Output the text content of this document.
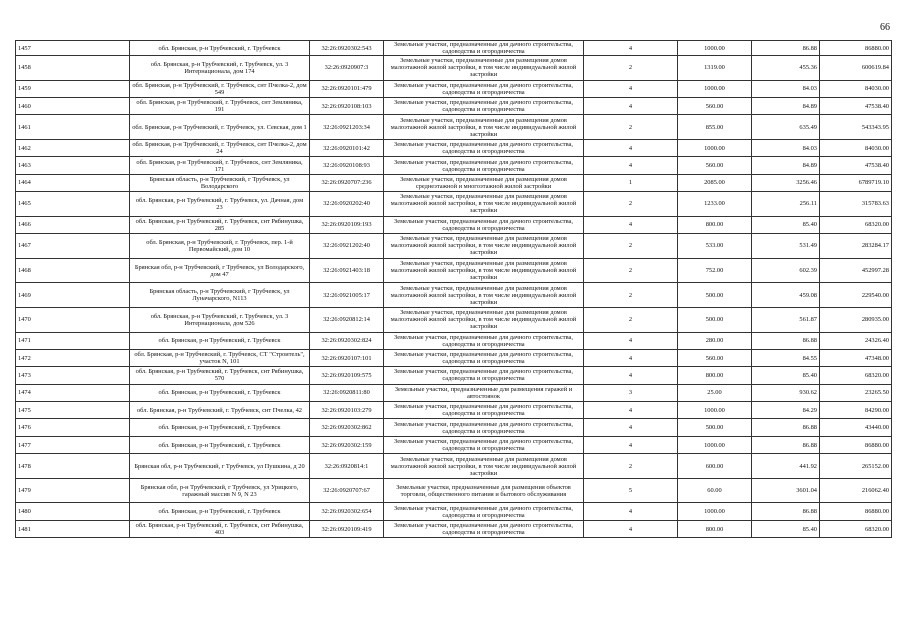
66
1457	обл. Брянская, р-н Трубчевский, г. Трубчевск	32:26:0920302:543	Земельные участки, предназначенные для дачного строительства, садоводства и огородничества	4	1000.00	86.88	86880.00
1458	обл. Брянская, р-н Трубчевский, г. Трубчевск, ул. 3 Интернационала, дом 174	32:26:0920907:3	Земельные участки, предназначенные для размещения домов малоэтажной жилой застройки, в том числе индивидуальной жилой застройки	2	1319.00	455.36	600619.84
1459	обл. Брянская, р-н Трубчевский, г. Трубчевск, снт Пчелка-2, дом 549	32:26:0920101:479	Земельные участки, предназначенные для дачного строительства, садоводства и огородничества	4	1000.00	84.03	84030.00
1460	обл. Брянская, р-н Трубчевский, г. Трубчевск, снт Земляника, 191	32:26:0920108:103	Земельные участки, предназначенные для дачного строительства, садоводства и огородничества	4	560.00	84.89	47538.40
1461	обл. Брянская, р-н Трубчевский, г. Трубчевск, ул. Севская, дом 1	32:26:0921203:34	Земельные участки, предназначенные для размещения домов малоэтажной жилой застройки, в том числе индивидуальной жилой застройки	2	855.00	635.49	543343.95
1462	обл. Брянская, р-н Трубчевский, г. Трубчевск, снт Пчелка-2, дом 24	32:26:0920101:42	Земельные участки, предназначенные для дачного строительства, садоводства и огородничества	4	1000.00	84.03	84030.00
1463	обл. Брянская, р-н Трубчевский, г. Трубчевск, снт Земляника, 171	32:26:0920108:93	Земельные участки, предназначенные для дачного строительства, садоводства и огородничества	4	560.00	84.89	47538.40
1464	Брянская область, р-н Трубчевский, г Трубчевск, ул Володарского	32:26:0920707:236	Земельные участки, предназначенные для размещения домов среднеэтажной и многоэтажной жилой застройки	1	2085.00	3256.46	6789719.10
1465	обл. Брянская, р-н Трубчевский, г. Трубчевск, ул. Дачная, дом 23	32:26:0920202:40	Земельные участки, предназначенные для размещения домов малоэтажной жилой застройки, в том числе индивидуальной жилой застройки	2	1233.00	256.11	315783.63
1466	обл. Брянская, р-н Трубчевский, г. Трубчевск, снт Рябинушка, 285	32:26:0920109:193	Земельные участки, предназначенные для дачного строительства, садоводства и огородничества	4	800.00	85.40	68320.00
1467	обл. Брянская, р-н Трубчевский, г. Трубчевск, пер. 1-й Первомайский, дом 10	32:26:0921202:40	Земельные участки, предназначенные для размещения домов малоэтажной жилой застройки, в том числе индивидуальной жилой застройки	2	533.00	531.49	283284.17
1468	Брянская обл, р-н Трубчевский, г Трубчевск, ул Володарского, дом 47	32:26:0921403:18	Земельные участки, предназначенные для размещения домов малоэтажной жилой застройки, в том числе индивидуальной жилой застройки	2	752.00	602.39	452997.28
1469	Брянская область, р-н Трубчевский, г Трубчевск, ул Луначарского, N113	32:26:0921005:17	Земельные участки, предназначенные для размещения домов малоэтажной жилой застройки, в том числе индивидуальной жилой застройки	2	500.00	459.08	229540.00
1470	обл. Брянская, р-н Трубчевский, г. Трубчевск, ул. 3 Интернационала, дом 526	32:26:0920812:14	Земельные участки, предназначенные для размещения домов малоэтажной жилой застройки, в том числе индивидуальной жилой застройки	2	500.00	561.87	280935.00
1471	обл. Брянская, р-н Трубчевский, г. Трубчевск	32:26:0920302:824	Земельные участки, предназначенные для дачного строительства, садоводства и огородничества	4	280.00	86.88	24326.40
1472	обл. Брянская, р-н Трубчевский, г. Трубчевск, СТ "Строитель", участок N, 101	32:26:0920107:101	Земельные участки, предназначенные для дачного строительства, садоводства и огородничества	4	560.00	84.55	47348.00
1473	обл. Брянская, р-н Трубчевский, г. Трубчевск, снт Рябинушка, 570	32:26:0920109:575	Земельные участки, предназначенные для дачного строительства, садоводства и огородничества	4	800.00	85.40	68320.00
1474	обл. Брянская, р-н Трубчевский, г. Трубчевск	32:26:0920811:80	Земельные участки, предназначенные для размещения гаражей и автостоянок	3	25.00	930.62	23265.50
1475	обл. Брянская, р-н Трубчевский, г. Трубчевск, снт Пчелка, 42	32:26:0920103:279	Земельные участки, предназначенные для дачного строительства, садоводства и огородничества	4	1000.00	84.29	84290.00
1476	обл. Брянская, р-н Трубчевский, г. Трубчевск	32:26:0920302:862	Земельные участки, предназначенные для дачного строительства, садоводства и огородничества	4	500.00	86.88	43440.00
1477	обл. Брянская, р-н Трубчевский, г. Трубчевск	32:26:0920302:159	Земельные участки, предназначенные для дачного строительства, садоводства и огородничества	4	1000.00	86.88	86880.00
1478	Брянская обл, р-н Трубчевский, г Трубчевск, ул Пушкина, д 20	32:26:0920814:1	Земельные участки, предназначенные для размещения домов малоэтажной жилой застройки, в том числе индивидуальной жилой застройки	2	600.00	441.92	265152.00
1479	Брянская обл, р-н Трубчевский, г Трубчевск, ул Урицкого, гаражный массив N 9, N 23	32:26:0920707:67	Земельные участки, предназначенные для размещения объектов торговли, общественного питания и бытового обслуживания	5	60.00	3601.04	216062.40
1480	обл. Брянская, р-н Трубчевский, г. Трубчевск	32:26:0920302:654	Земельные участки, предназначенные для дачного строительства, садоводства и огородничества	4	1000.00	86.88	86880.00
1481	обл. Брянская, р-н Трубчевский, г. Трубчевск, снт Рябинушка, 403	32:26:0920109:419	Земельные участки, предназначенные для дачного строительства, садоводства и огородничества	4	800.00	85.40	68320.00
